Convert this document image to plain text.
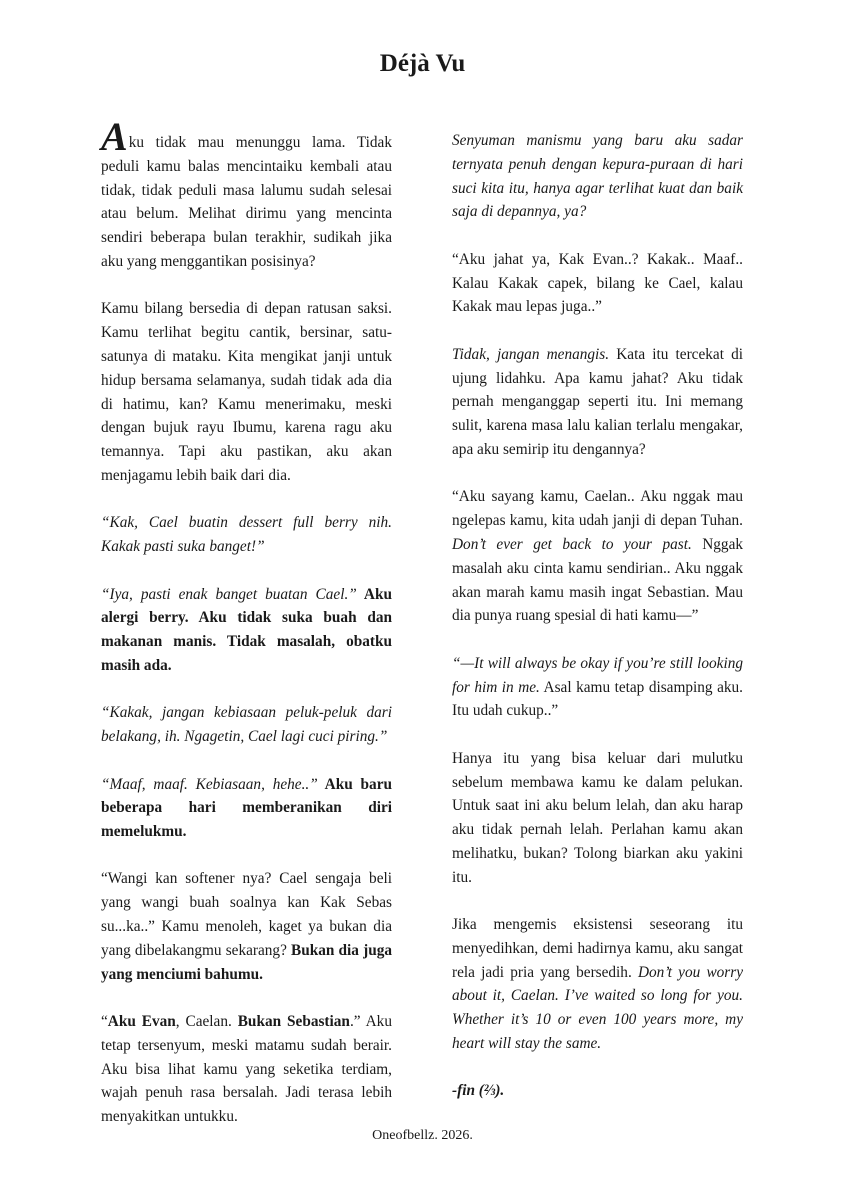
Déjà Vu

Aku tidak mau menunggu lama. Tidak peduli kamu balas mencintaiku kembali atau tidak, tidak peduli masa lalumu sudah selesai atau belum. Melihat dirimu yang mencinta sendiri beberapa bulan terakhir, sudikah jika aku yang menggantikan posisinya?

Kamu bilang bersedia di depan ratusan saksi. Kamu terlihat begitu cantik, bersinar, satu-satunya di mataku. Kita mengikat janji untuk hidup bersama selamanya, sudah tidak ada dia di hatimu, kan? Kamu menerimaku, meski dengan bujuk rayu Ibumu, karena ragu aku temannya. Tapi aku pastikan, aku akan menjagamu lebih baik dari dia.

“Kak, Cael buatin dessert full berry nih. Kakak pasti suka banget!”

“Iya, pasti enak banget buatan Cael.” Aku alergi berry. Aku tidak suka buah dan makanan manis. Tidak masalah, obatku masih ada.

“Kakak, jangan kebiasaan peluk-peluk dari belakang, ih. Ngagetin, Cael lagi cuci piring.”

“Maaf, maaf. Kebiasaan, hehe..” Aku baru beberapa hari memberanikan diri memelukmu.

“Wangi kan softener nya? Cael sengaja beli yang wangi buah soalnya kan Kak Sebas su...ka..” Kamu menoleh, kaget ya bukan dia yang dibelakangmu sekarang? Bukan dia juga yang menciumi bahumu.

“Aku Evan, Caelan. Bukan Sebastian.” Aku tetap tersenyum, meski matamu sudah berair. Aku bisa lihat kamu yang seketika terdiam, wajah penuh rasa bersalah. Jadi terasa lebih menyakitkan untukku.

Senyuman manismu yang baru aku sadar ternyata penuh dengan kepura-puraan di hari suci kita itu, hanya agar terlihat kuat dan baik saja di depannya, ya?

“Aku jahat ya, Kak Evan..? Kakak.. Maaf.. Kalau Kakak capek, bilang ke Cael, kalau Kakak mau lepas juga..”

Tidak, jangan menangis. Kata itu tercekat di ujung lidahku. Apa kamu jahat? Aku tidak pernah menganggap seperti itu. Ini memang sulit, karena masa lalu kalian terlalu mengakar, apa aku semirip itu dengannya?

“Aku sayang kamu, Caelan.. Aku nggak mau ngelepas kamu, kita udah janji di depan Tuhan. Don’t ever get back to your past. Nggak masalah aku cinta kamu sendirian.. Aku nggak akan marah kamu masih ingat Sebastian. Mau dia punya ruang spesial di hati kamu—”

“—It will always be okay if you’re still looking for him in me. Asal kamu tetap disamping aku. Itu udah cukup..”

Hanya itu yang bisa keluar dari mulutku sebelum membawa kamu ke dalam pelukan. Untuk saat ini aku belum lelah, dan aku harap aku tidak pernah lelah. Perlahan kamu akan melihatku, bukan? Tolong biarkan aku yakini itu.

Jika mengemis eksistensi seseorang itu menyedihkan, demi hadirnya kamu, aku sangat rela jadi pria yang bersedih. Don’t you worry about it, Caelan. I’ve waited so long for you. Whether it’s 10 or even 100 years more, my heart will stay the same.

-fin (⅔).

Oneofbellz. 2026.
